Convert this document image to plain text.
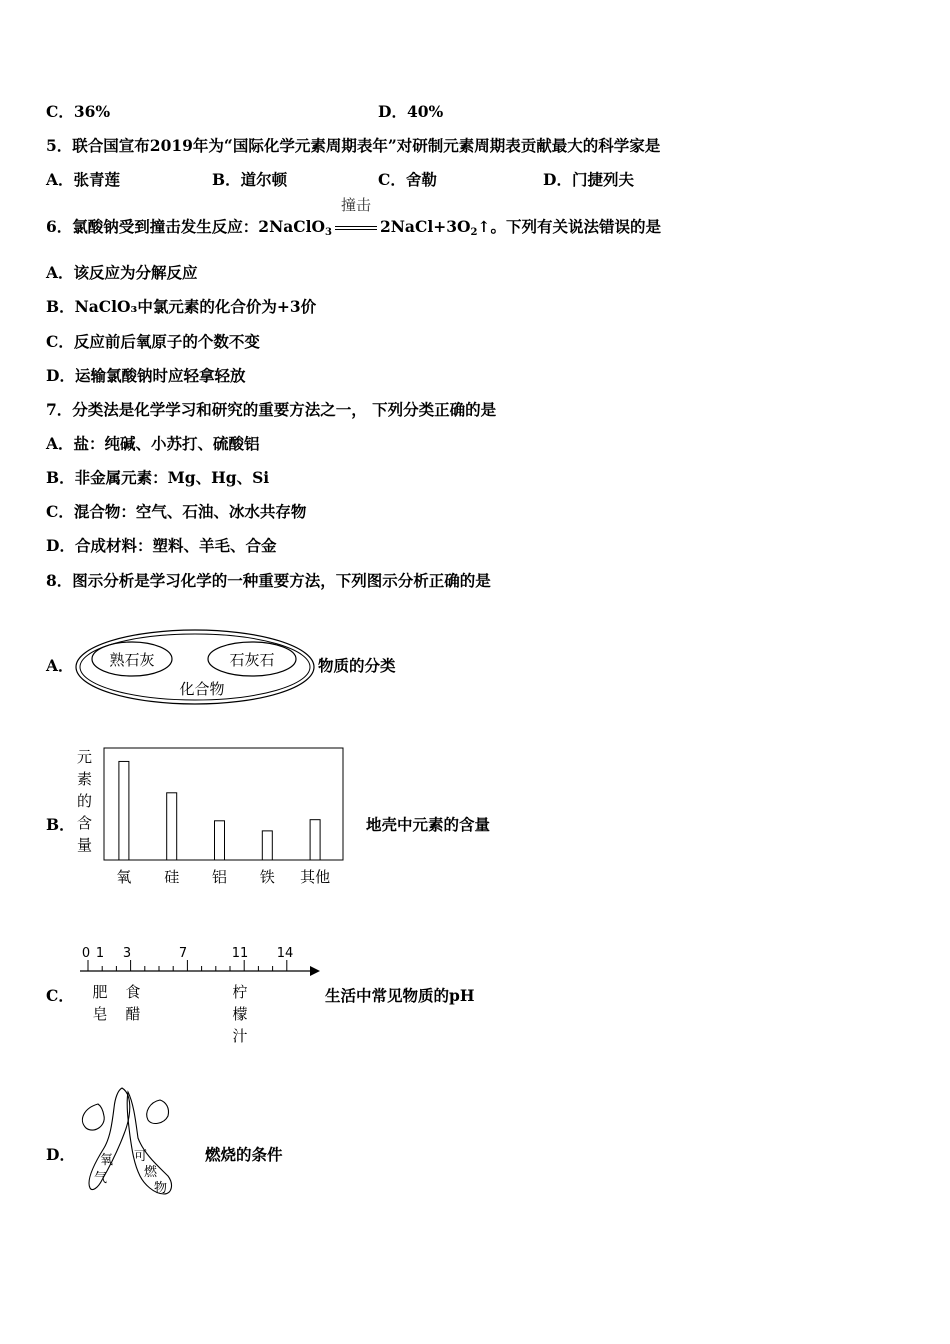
C．36%	D．40%
5．联合国宣布2019年为“国际化学元素周期表年”对研制元素周期表贡献最大的科学家是
A．张青莲	B．道尔顿	C．舍勒	D．门捷列夫
6．氯酸钠受到撞击发生反应：2NaClO$_3$
撞击
$2NaCl+3O_2↑$。下列有关说法错误的是
A．该反应为分解反应
B．NaClO₃中氯元素的化合价为+3价
C．反应前后氧原子的个数不变
D．运输氯酸钠时应轻拿轻放
7．分类法是化学学习和研究的重要方法之一， 下列分类正确的是
A．盐：纯碱、小苏打、硫酸铝
B．非金属元素：Mg、Hg、Si
C．混合物：空气、石油、冰水共存物
D．合成材料：塑料、羊毛、合金
8．图示分析是学习化学的一种重要方法，下列图示分析正确的是
A． 熟石灰	石灰石
化合物
物质的分类
B．
元
素
的
含
量
氧 硅 铝 铁 其他
地壳中元素的含量
C．
0 1 3	7	11 14
肥
皂
食
醋
柠
檬
汁
生活中常见物质的pH
D． 氧
气
可
燃
物
燃烧的条件
